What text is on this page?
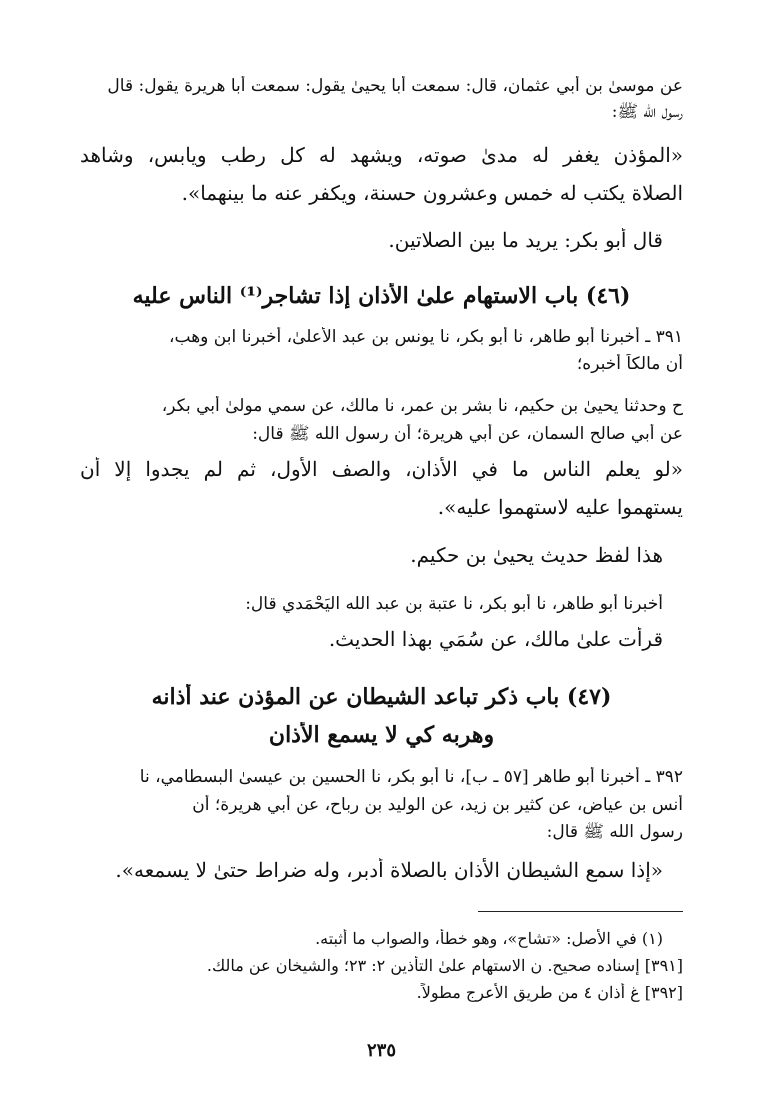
عن موسىٰ بن أبي عثمان، قال: سمعت أبا يحيىٰ يقول: سمعت أبا هريرة يقول: قال
رسول الله ﷺ:
«المؤذن يغفر له مدىٰ صوته، ويشهد له كل رطب ويابس، وشاهد
الصلاة يكتب له خمس وعشرون حسنة، ويكفر عنه ما بينهما».
قال أبو بكر: يريد ما بين الصلاتين.
(٤٦) باب الاستهام علىٰ الأذان إذا تشاجر⁽¹⁾ الناس عليه
٣٩١ ـ أخبرنا أبو طاهر، نا أبو بكر، نا يونس بن عبد الأعلىٰ، أخبرنا ابن وهب،
أن مالكاً أخبره؛
ح وحدثنا يحيىٰ بن حكيم، نا بشر بن عمر، نا مالك، عن سمي مولىٰ أبي بكر،
عن أبي صالح السمان، عن أبي هريرة؛ أن رسول الله ﷺ قال:
«لو يعلم الناس ما في الأذان، والصف الأول، ثم لم يجدوا إلا أن
يستهموا عليه لاستهموا عليه».
هذا لفظ حديث يحيىٰ بن حكيم.
أخبرنا أبو طاهر، نا أبو بكر، نا عتبة بن عبد الله اليَحْمَدي قال:
قرأت علىٰ مالك، عن سُمَي بهذا الحديث.
(٤٧) باب ذكر تباعد الشيطان عن المؤذن عند أذانه
وهربه كي لا يسمع الأذان
٣٩٢ ـ أخبرنا أبو طاهر [٥٧ ـ ب]، نا أبو بكر، نا الحسين بن عيسىٰ البسطامي، نا
أنس بن عياض، عن كثير بن زيد، عن الوليد بن رباح، عن أبي هريرة؛ أن
رسول الله ﷺ قال:
«إذا سمع الشيطان الأذان بالصلاة أدبر، وله ضراط حتىٰ لا يسمعه».
(١) في الأصل: «تشاح»، وهو خطأ، والصواب ما أثبته.
[٣٩١] إسناده صحيح. ن الاستهام علىٰ التأذين ٢: ٢٣؛ والشيخان عن مالك.
[٣٩٢] غ أذان ٤ من طريق الأعرج مطولاً.
٢٣٥
